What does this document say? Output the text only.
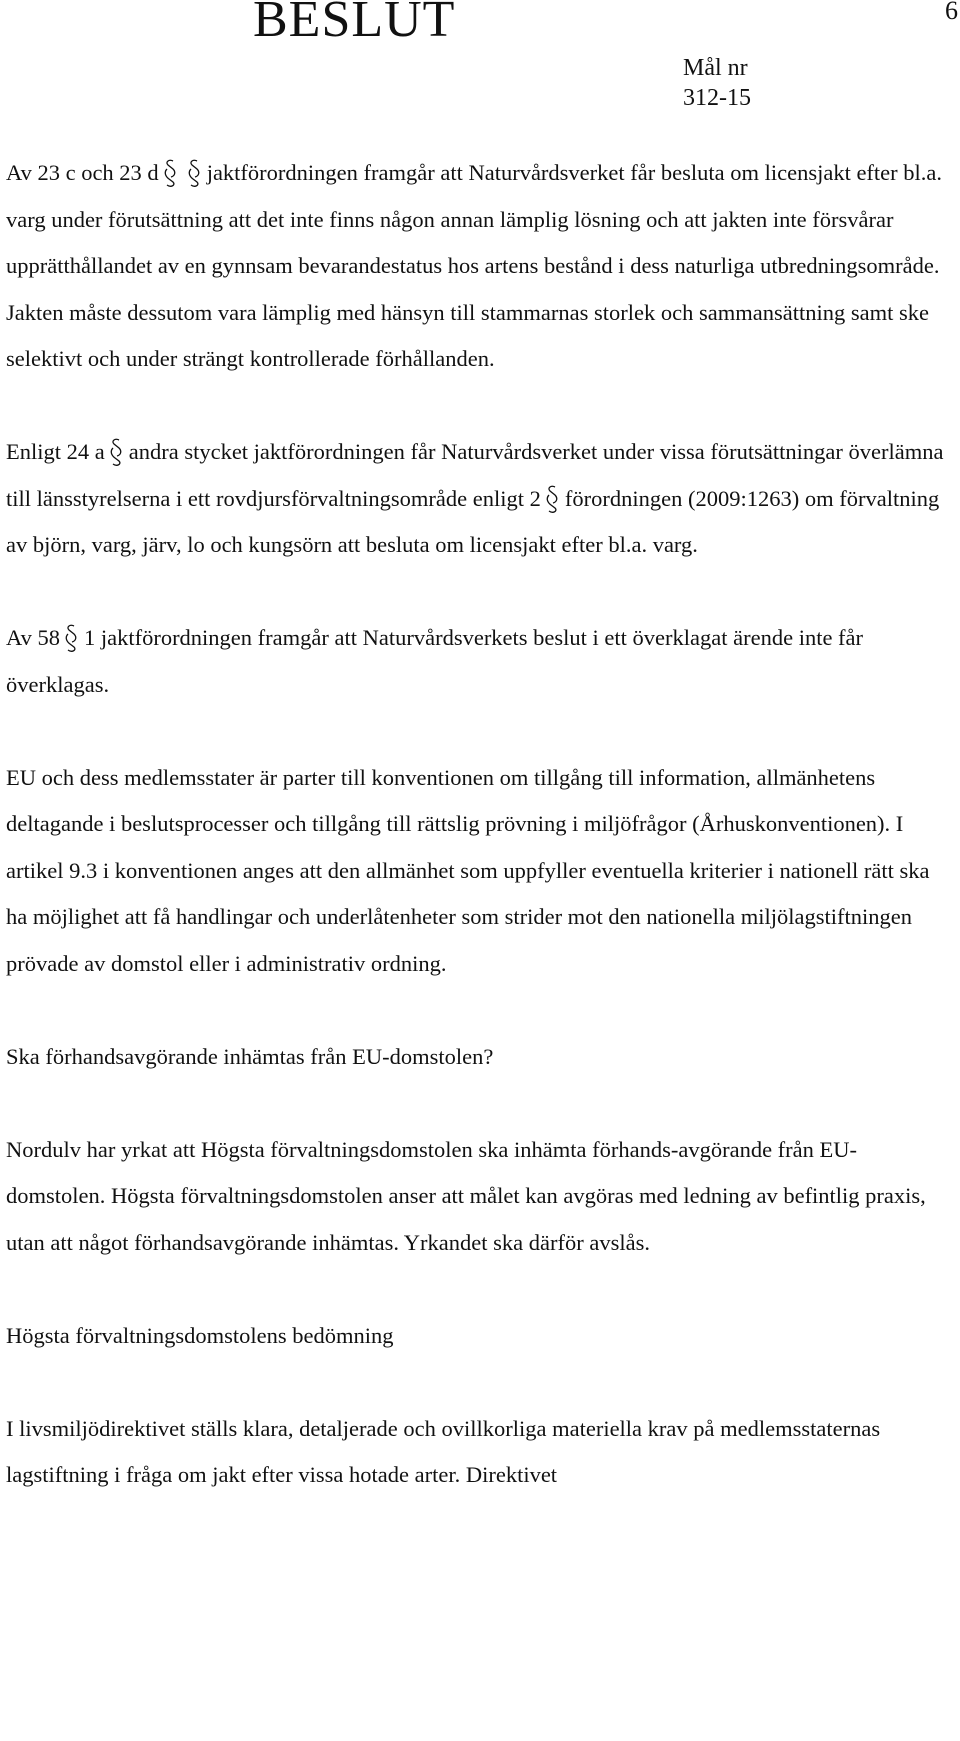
BESLUT	6
Mål nr
312-15

Av 23 c och 23 d jaktförordningen framgår att Naturvårdsverket får besluta om licensjakt efter bl.a. varg under förutsättning att det inte finns någon annan lämplig lösning och att jakten inte försvårar upprätthållandet av en gynnsam bevarandestatus hos artens bestånd i dess naturliga utbredningsområde. Jakten måste dessutom vara lämplig med hänsyn till stammarnas storlek och sammansättning samt ske selektivt och under strängt kontrollerade förhållanden.

Enligt 24 a andra stycket jaktförordningen får Naturvårdsverket under vissa förutsättningar överlämna till länsstyrelserna i ett rovdjursförvaltningsområde enligt 2 förordningen (2009:1263) om förvaltning av björn, varg, järv, lo och kungsörn att besluta om licensjakt efter bl.a. varg.

Av 58 1 jaktförordningen framgår att Naturvårdsverkets beslut i ett överklagat ärende inte får överklagas.

EU och dess medlemsstater är parter till konventionen om tillgång till information, allmänhetens deltagande i beslutsprocesser och tillgång till rättslig prövning i miljöfrågor (Århuskonventionen). I artikel 9.3 i konventionen anges att den allmänhet som uppfyller eventuella kriterier i nationell rätt ska ha möjlighet att få handlingar och underlåtenheter som strider mot den nationella miljölagstiftningen prövade av domstol eller i administrativ ordning.

Ska förhandsavgörande inhämtas från EU-domstolen?

Nordulv har yrkat att Högsta förvaltningsdomstolen ska inhämta förhands-avgörande från EU-domstolen. Högsta förvaltningsdomstolen anser att målet kan avgöras med ledning av befintlig praxis, utan att något förhandsavgörande inhämtas. Yrkandet ska därför avslås.

Högsta förvaltningsdomstolens bedömning

I livsmiljödirektivet ställs klara, detaljerade och ovillkorliga materiella krav på medlemsstaternas lagstiftning i fråga om jakt efter vissa hotade arter. Direktivet
